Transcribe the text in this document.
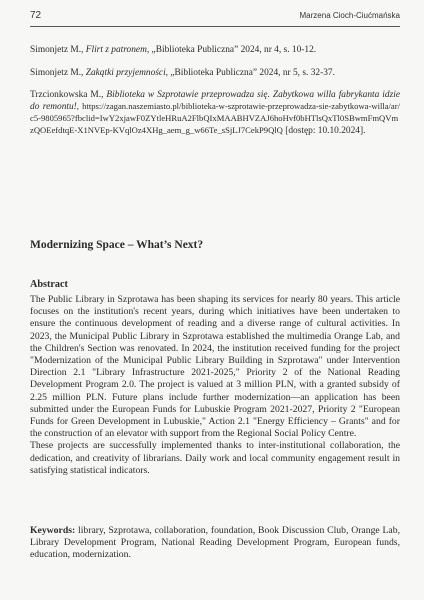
72	Marzena Cioch-Ciućmańska

Simonjetz M., Flirt z patronem, „Biblioteka Publiczna” 2024, nr 4, s. 10-12.

Simonjetz M., Zakątki przyjemności, „Biblioteka Publiczna” 2024, nr 5, s. 32-37.

Trzcionkowska M., Biblioteka w Szprotawie przeprowadza się. Zabytkowa willa fabrykanta idzie do remontu!, https://zagan.naszemiasto.pl/biblioteka-w-szprotawie-przeprowadza-sie-zabytkowa-willa/ar/c5-9805965?fbclid=IwY2xjawF0ZYtleHRuA2FlbQIxMAABHVZAJ6hoHvf0bHTlsQxTl0SBwmFmQVmzQOEefdtqE-X1NVEp-KVqlOz4XHg_aem_g_w66Te_sSjLJ7CekP9QlQ [dostęp: 10.10.2024].

Modernizing Space – What’s Next?
Abstract
The Public Library in Szprotawa has been shaping its services for nearly 80 years. This article focuses on the institution's recent years, during which initiatives have been undertaken to ensure the continuous development of reading and a diverse range of cultural activities. In 2023, the Municipal Public Library in Szprotawa established the multimedia Orange Lab, and the Children's Section was renovated. In 2024, the institution received funding for the project "Modernization of the Municipal Public Library Building in Szprotawa" under Intervention Direction 2.1 "Library Infrastructure 2021-2025," Priority 2 of the National Reading Development Program 2.0. The project is valued at 3 million PLN, with a granted subsidy of 2.25 million PLN. Future plans include further modernization—an application has been submitted under the European Funds for Lubuskie Program 2021-2027, Priority 2 "European Funds for Green Development in Lubuskie," Action 2.1 "Energy Efficiency – Grants" and for the construction of an elevator with support from the Regional Social Policy Centre.
These projects are successfully implemented thanks to inter-institutional collaboration, the dedication, and creativity of librarians. Daily work and local community engagement result in satisfying statistical indicators.

Keywords: library, Szprotawa, collaboration, foundation, Book Discussion Club, Orange Lab, Library Development Program, National Reading Development Program, European funds, education, modernization.
